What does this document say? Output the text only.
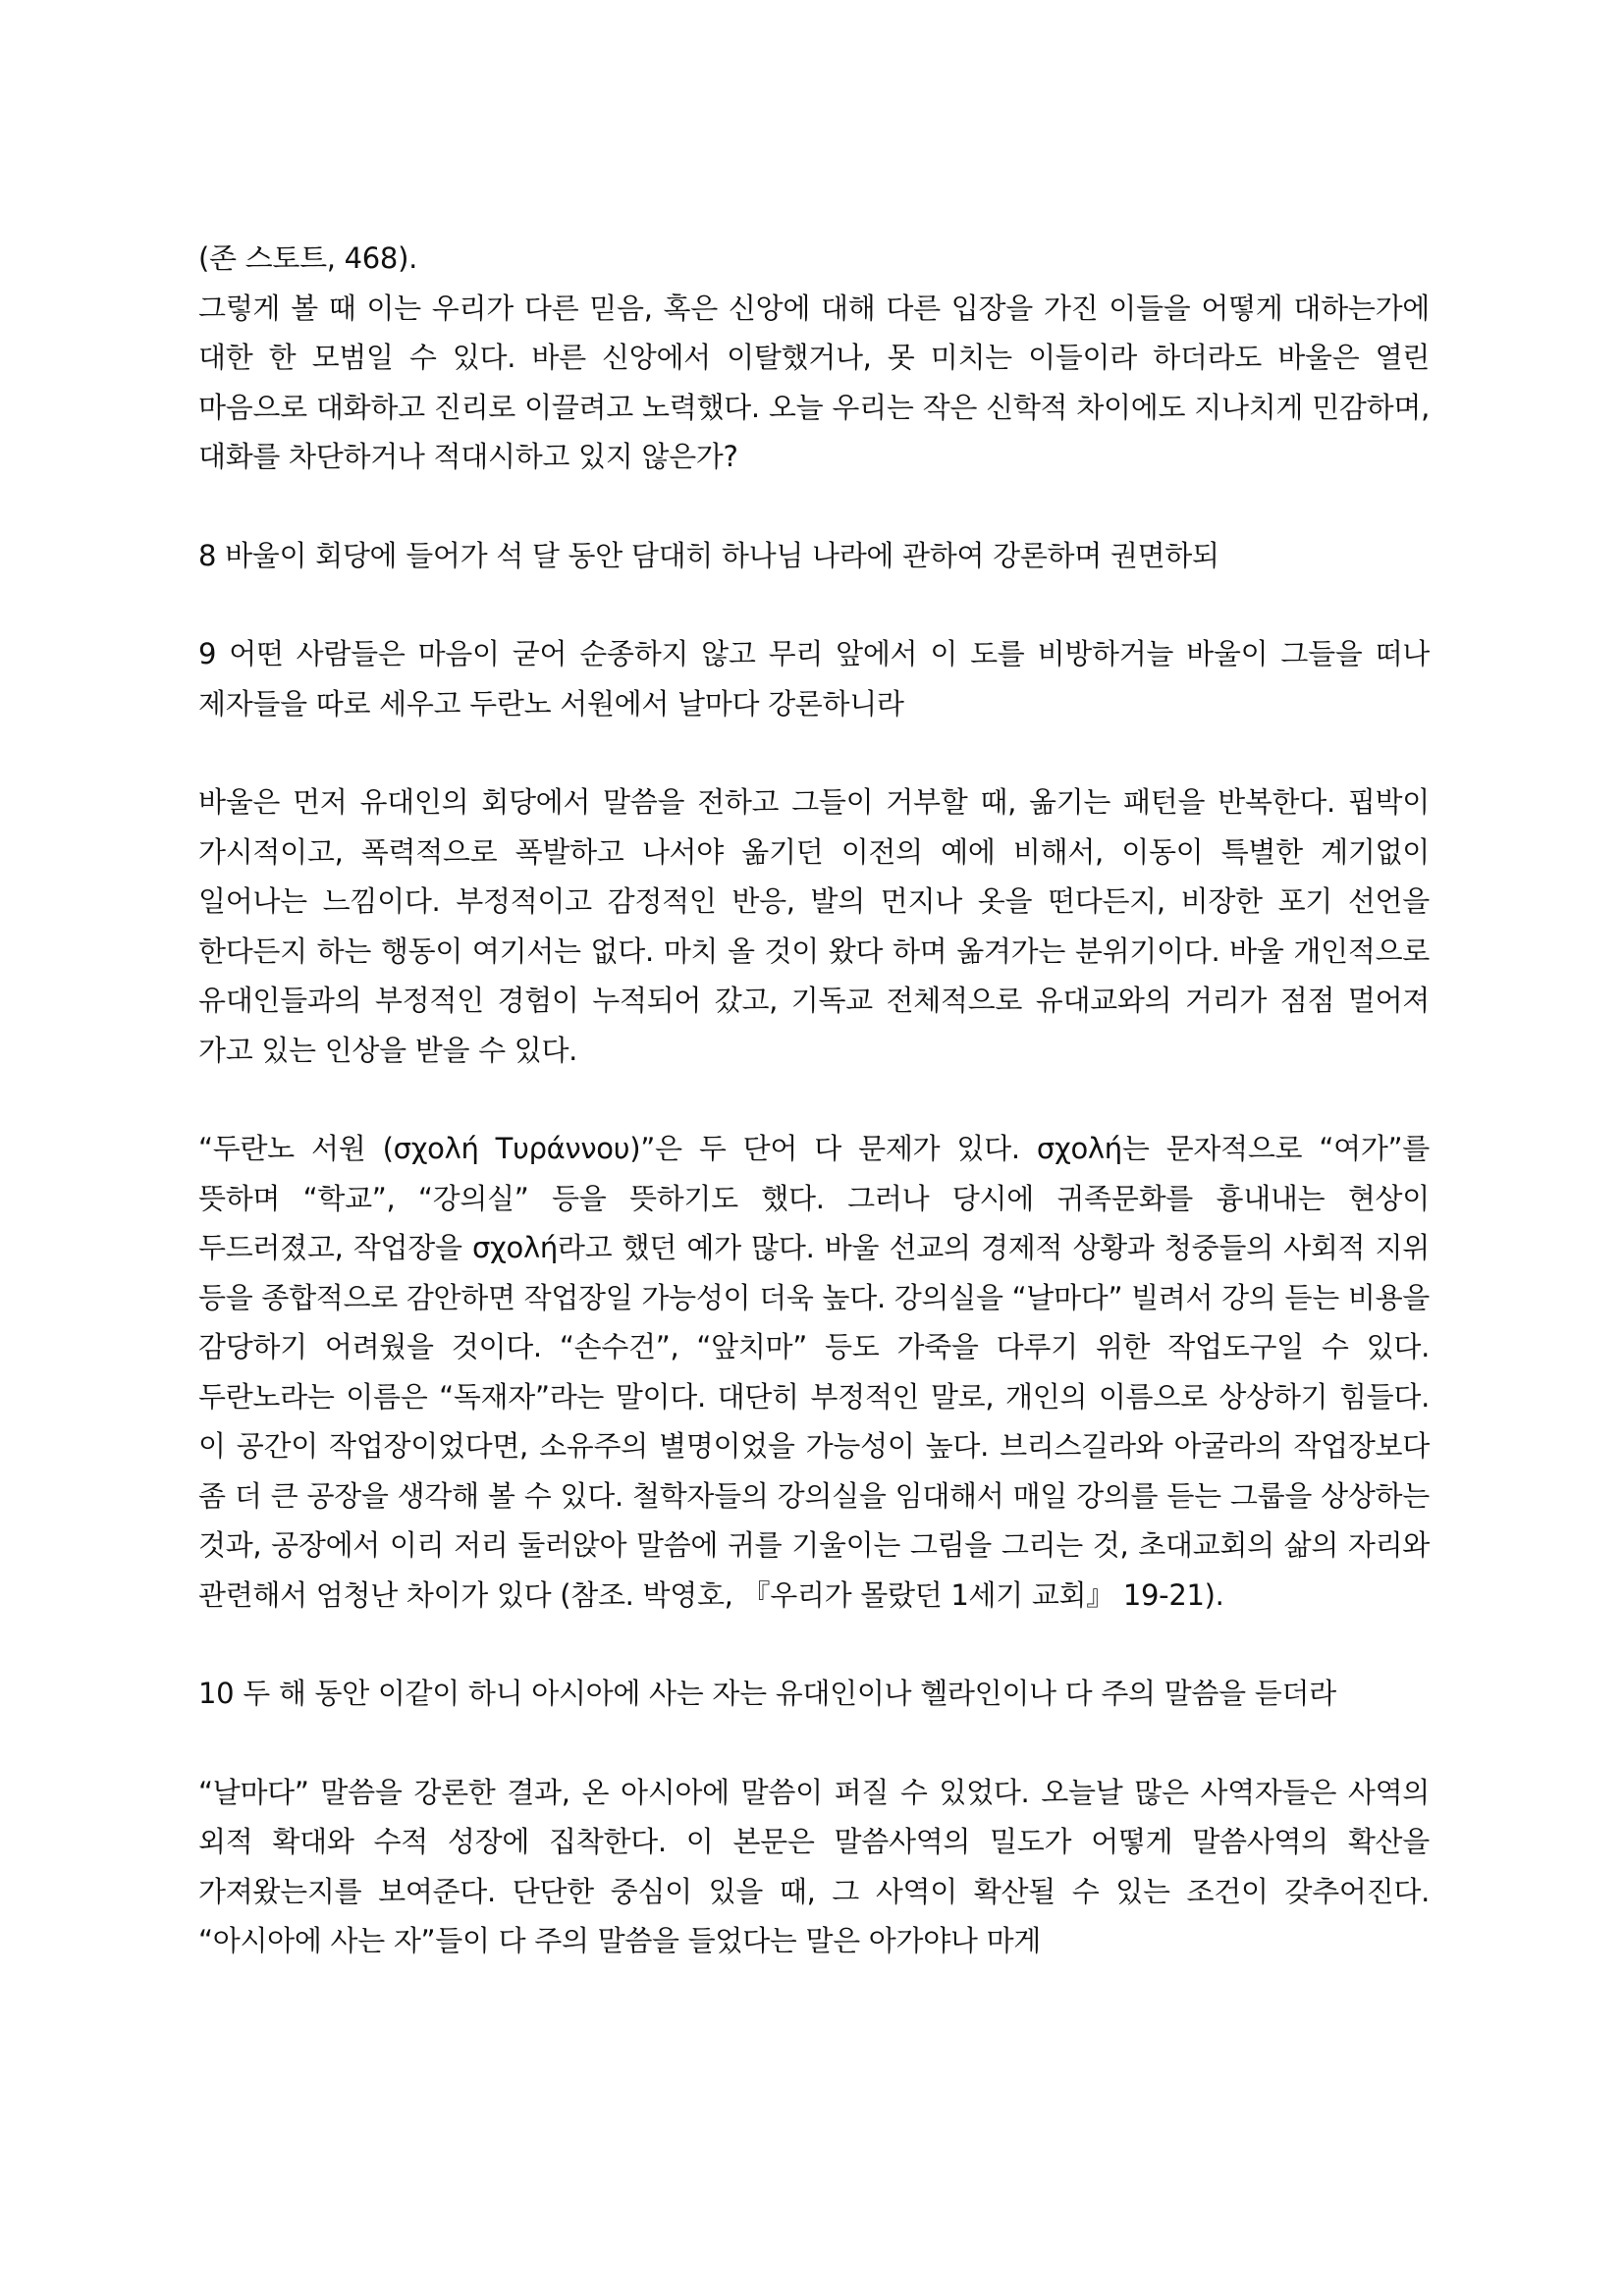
(존 스토트, 468).

그렇게 볼 때 이는 우리가 다른 믿음, 혹은 신앙에 대해 다른 입장을 가진 이들을 어떻게 대하는가에 대한 한 모범일 수 있다. 바른 신앙에서 이탈했거나, 못 미치는 이들이라 하더라도 바울은 열린 마음으로 대화하고 진리로 이끌려고 노력했다. 오늘 우리는 작은 신학적 차이에도 지나치게 민감하며, 대화를 차단하거나 적대시하고 있지 않은가?

8 바울이 회당에 들어가 석 달 동안 담대히 하나님 나라에 관하여 강론하며 권면하되

9 어떤 사람들은 마음이 굳어 순종하지 않고 무리 앞에서 이 도를 비방하거늘 바울이 그들을 떠나 제자들을 따로 세우고 두란노 서원에서 날마다 강론하니라

바울은 먼저 유대인의 회당에서 말씀을 전하고 그들이 거부할 때, 옮기는 패턴을 반복한다. 핍박이 가시적이고, 폭력적으로 폭발하고 나서야 옮기던 이전의 예에 비해서, 이동이 특별한 계기없이 일어나는 느낌이다. 부정적이고 감정적인 반응, 발의 먼지나 옷을 떤다든지, 비장한 포기 선언을 한다든지 하는 행동이 여기서는 없다. 마치 올 것이 왔다 하며 옮겨가는 분위기이다. 바울 개인적으로 유대인들과의 부정적인 경험이 누적되어 갔고, 기독교 전체적으로 유대교와의 거리가 점점 멀어져 가고 있는 인상을 받을 수 있다.

“두란노 서원 (σχολή Τυράννου)”은 두 단어 다 문제가 있다. σχολή는 문자적으로 “여가”를 뜻하며 “학교”, “강의실” 등을 뜻하기도 했다. 그러나 당시에 귀족문화를 흉내내는 현상이 두드러졌고, 작업장을 σχολή라고 했던 예가 많다. 바울 선교의 경제적 상황과 청중들의 사회적 지위 등을 종합적으로 감안하면 작업장일 가능성이 더욱 높다. 강의실을 “날마다” 빌려서 강의 듣는 비용을 감당하기 어려웠을 것이다. “손수건”, “앞치마” 등도 가죽을 다루기 위한 작업도구일 수 있다. 두란노라는 이름은 “독재자”라는 말이다. 대단히 부정적인 말로, 개인의 이름으로 상상하기 힘들다. 이 공간이 작업장이었다면, 소유주의 별명이었을 가능성이 높다. 브리스길라와 아굴라의 작업장보다 좀 더 큰 공장을 생각해 볼 수 있다. 철학자들의 강의실을 임대해서 매일 강의를 듣는 그룹을 상상하는 것과, 공장에서 이리 저리 둘러앉아 말씀에 귀를 기울이는 그림을 그리는 것, 초대교회의 삶의 자리와 관련해서 엄청난 차이가 있다 (참조. 박영호, 『우리가 몰랐던 1세기 교회』 19-21).

10 두 해 동안 이같이 하니 아시아에 사는 자는 유대인이나 헬라인이나 다 주의 말씀을 듣더라

“날마다” 말씀을 강론한 결과, 온 아시아에 말씀이 퍼질 수 있었다. 오늘날 많은 사역자들은 사역의 외적 확대와 수적 성장에 집착한다. 이 본문은 말씀사역의 밀도가 어떻게 말씀사역의 확산을 가져왔는지를 보여준다. 단단한 중심이 있을 때, 그 사역이 확산될 수 있는 조건이 갖추어진다. “아시아에 사는 자”들이 다 주의 말씀을 들었다는 말은 아가야나 마게
